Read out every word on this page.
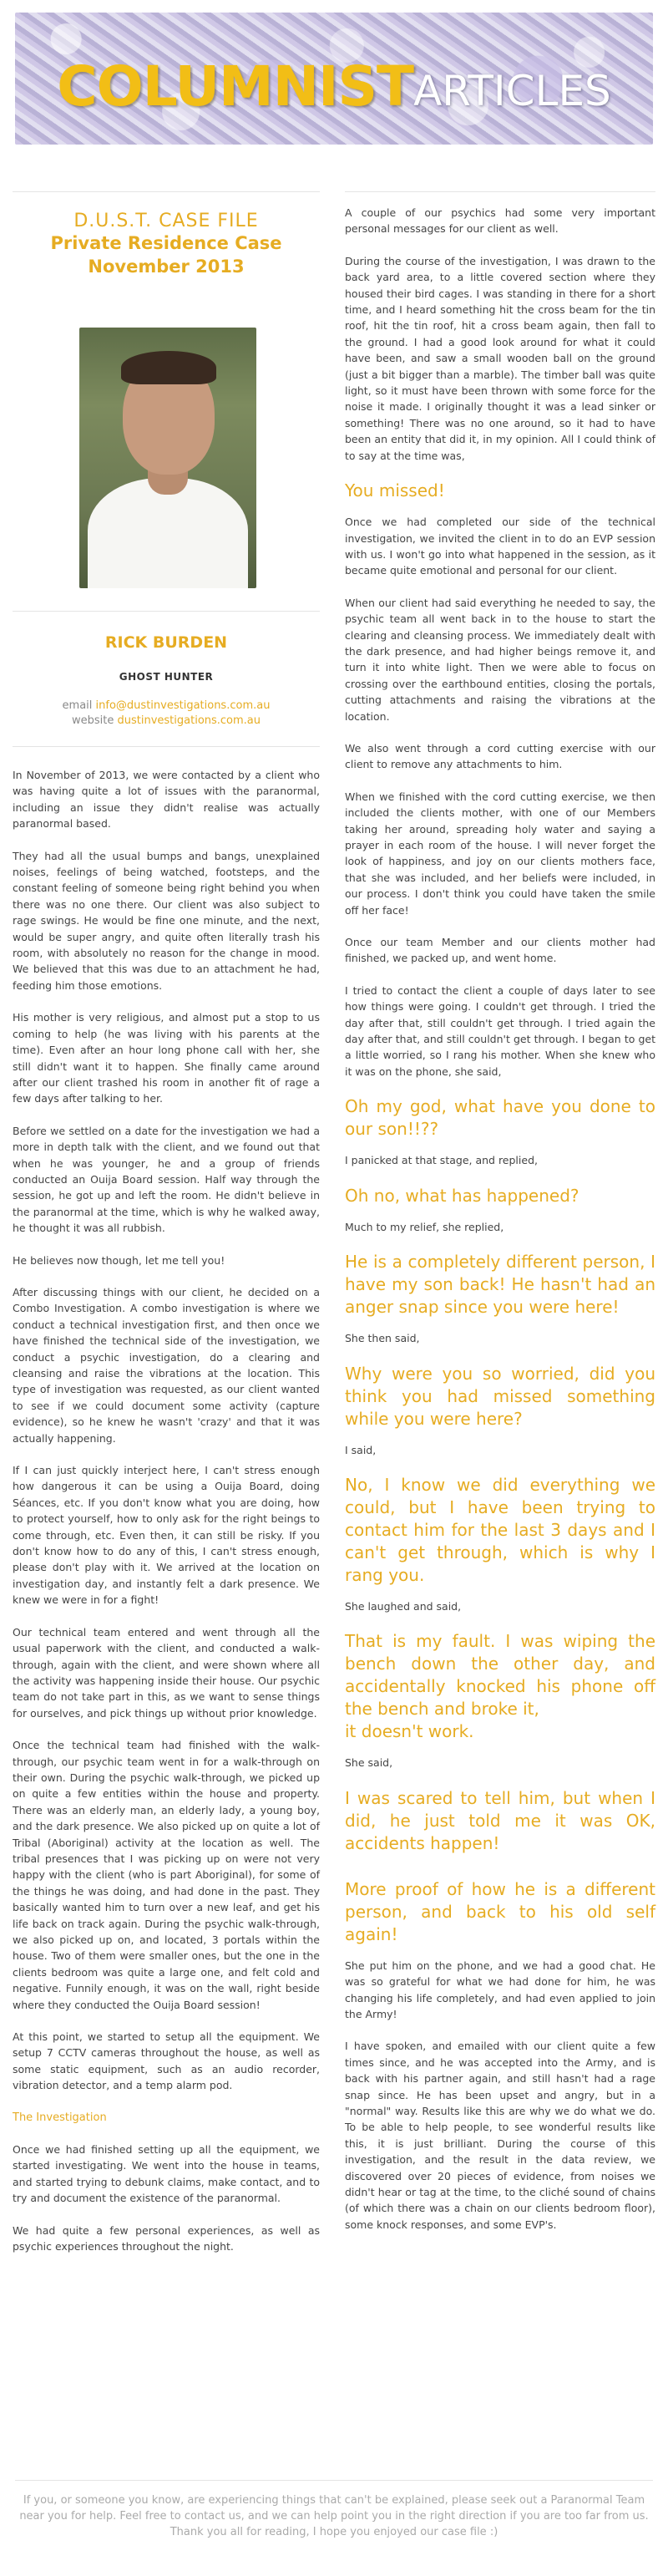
COLUMNISTARTICLES
D.U.S.T. CASE FILE
Private Residence Case
November 2013
RICK BURDEN
GHOST HUNTER
email info@dustinvestigations.com.au
website dustinvestigations.com.au

In November of 2013, we were contacted by a client who was having quite a lot of issues with the paranormal, including an issue they didn't realise was actually paranormal based.

They had all the usual bumps and bangs, unexplained noises, feelings of being watched, footsteps, and the constant feeling of someone being right behind you when there was no one there. Our client was also subject to rage swings. He would be fine one minute, and the next, would be super angry, and quite often literally trash his room, with absolutely no reason for the change in mood. We believed that this was due to an attachment he had, feeding him those emotions.

His mother is very religious, and almost put a stop to us coming to help (he was living with his parents at the time). Even after an hour long phone call with her, she still didn't want it to happen. She finally came around after our client trashed his room in another fit of rage a few days after talking to her.

Before we settled on a date for the investigation we had a more in depth talk with the client, and we found out that when he was younger, he and a group of friends conducted an Ouija Board session. Half way through the session, he got up and left the room. He didn't believe in the paranormal at the time, which is why he walked away, he thought it was all rubbish.

He believes now though, let me tell you!

After discussing things with our client, he decided on a Combo Investigation. A combo investigation is where we conduct a technical investigation first, and then once we have finished the technical side of the investigation, we conduct a psychic investigation, do a clearing and cleansing and raise the vibrations at the location. This type of investigation was requested, as our client wanted to see if we could document some activity (capture evidence), so he knew he wasn't 'crazy' and that it was actually happening.

If I can just quickly interject here, I can't stress enough how dangerous it can be using a Ouija Board, doing Séances, etc. If you don't know what you are doing, how to protect yourself, how to only ask for the right beings to come through, etc. Even then, it can still be risky. If you don't know how to do any of this, I can't stress enough, please don't play with it. We arrived at the location on investigation day, and instantly felt a dark presence. We knew we were in for a fight!

Our technical team entered and went through all the usual paperwork with the client, and conducted a walk-through, again with the client, and were shown where all the activity was happening inside their house. Our psychic team do not take part in this, as we want to sense things for ourselves, and pick things up without prior knowledge.

Once the technical team had finished with the walk-through, our psychic team went in for a walk-through on their own. During the psychic walk-through, we picked up on quite a few entities within the house and property. There was an elderly man, an elderly lady, a young boy, and the dark presence. We also picked up on quite a lot of Tribal (Aboriginal) activity at the location as well. The tribal presences that I was picking up on were not very happy with the client (who is part Aboriginal), for some of the things he was doing, and had done in the past. They basically wanted him to turn over a new leaf, and get his life back on track again. During the psychic walk-through, we also picked up on, and located, 3 portals within the house. Two of them were smaller ones, but the one in the clients bedroom was quite a large one, and felt cold and negative. Funnily enough, it was on the wall, right beside where they conducted the Ouija Board session!

At this point, we started to setup all the equipment. We setup 7 CCTV cameras throughout the house, as well as some static equipment, such as an audio recorder, vibration detector, and a temp alarm pod.

The Investigation

Once we had finished setting up all the equipment, we started investigating. We went into the house in teams, and started trying to debunk claims, make contact, and to try and document the existence of the paranormal.

We had quite a few personal experiences, as well as psychic experiences throughout the night.

A couple of our psychics had some very important personal messages for our client as well.

During the course of the investigation, I was drawn to the back yard area, to a little covered section where they housed their bird cages. I was standing in there for a short time, and I heard something hit the cross beam for the tin roof, hit the tin roof, hit a cross beam again, then fall to the ground. I had a good look around for what it could have been, and saw a small wooden ball on the ground (just a bit bigger than a marble). The timber ball was quite light, so it must have been thrown with some force for the noise it made. I originally thought it was a lead sinker or something! There was no one around, so it had to have been an entity that did it, in my opinion. All I could think of to say at the time was,

You missed!

Once we had completed our side of the technical investigation, we invited the client in to do an EVP session with us. I won't go into what happened in the session, as it became quite emotional and personal for our client.

When our client had said everything he needed to say, the psychic team all went back in to the house to start the clearing and cleansing process. We immediately dealt with the dark presence, and had higher beings remove it, and turn it into white light. Then we were able to focus on crossing over the earthbound entities, closing the portals, cutting attachments and raising the vibrations at the location.

We also went through a cord cutting exercise with our client to remove any attachments to him.

When we finished with the cord cutting exercise, we then included the clients mother, with one of our Members taking her around, spreading holy water and saying a prayer in each room of the house. I will never forget the look of happiness, and joy on our clients mothers face, that she was included, and her beliefs were included, in our process. I don't think you could have taken the smile off her face!

Once our team Member and our clients mother had finished, we packed up, and went home.

I tried to contact the client a couple of days later to see how things were going. I couldn't get through. I tried the day after that, still couldn't get through. I tried again the day after that, and still couldn't get through. I began to get a little worried, so I rang his mother. When she knew who it was on the phone, she said,

Oh my god, what have you done to our son!!??

I panicked at that stage, and replied,

Oh no, what has happened?

Much to my relief, she replied,

He is a completely different person, I have my son back! He hasn't had an anger snap since you were here!

She then said,

Why were you so worried, did you think you had missed something while you were here?

I said,

No, I know we did everything we could, but I have been trying to contact him for the last 3 days and I can't get through, which is why I rang you.

She laughed and said,

That is my fault. I was wiping the bench down the other day, and accidentally knocked his phone off the bench and broke it,
it doesn't work.

She said,

I was scared to tell him, but when I did, he just told me it was OK, accidents happen!
More proof of how he is a different person, and back to his old self again!

She put him on the phone, and we had a good chat. He was so grateful for what we had done for him, he was changing his life completely, and had even applied to join the Army!

I have spoken, and emailed with our client quite a few times since, and he was accepted into the Army, and is back with his partner again, and still hasn't had a rage snap since. He has been upset and angry, but in a "normal" way. Results like this are why we do what we do. To be able to help people, to see wonderful results like this, it is just brilliant. During the course of this investigation, and the result in the data review, we discovered over 20 pieces of evidence, from noises we didn't hear or tag at the time, to the cliché sound of chains (of which there was a chain on our clients bedroom floor), some knock responses, and some EVP's.

If you, or someone you know, are experiencing things that can't be explained, please seek out a Paranormal Team near you for help. Feel free to contact us, and we can help point you in the right direction if you are too far from us.
Thank you all for reading, I hope you enjoyed our case file :)
